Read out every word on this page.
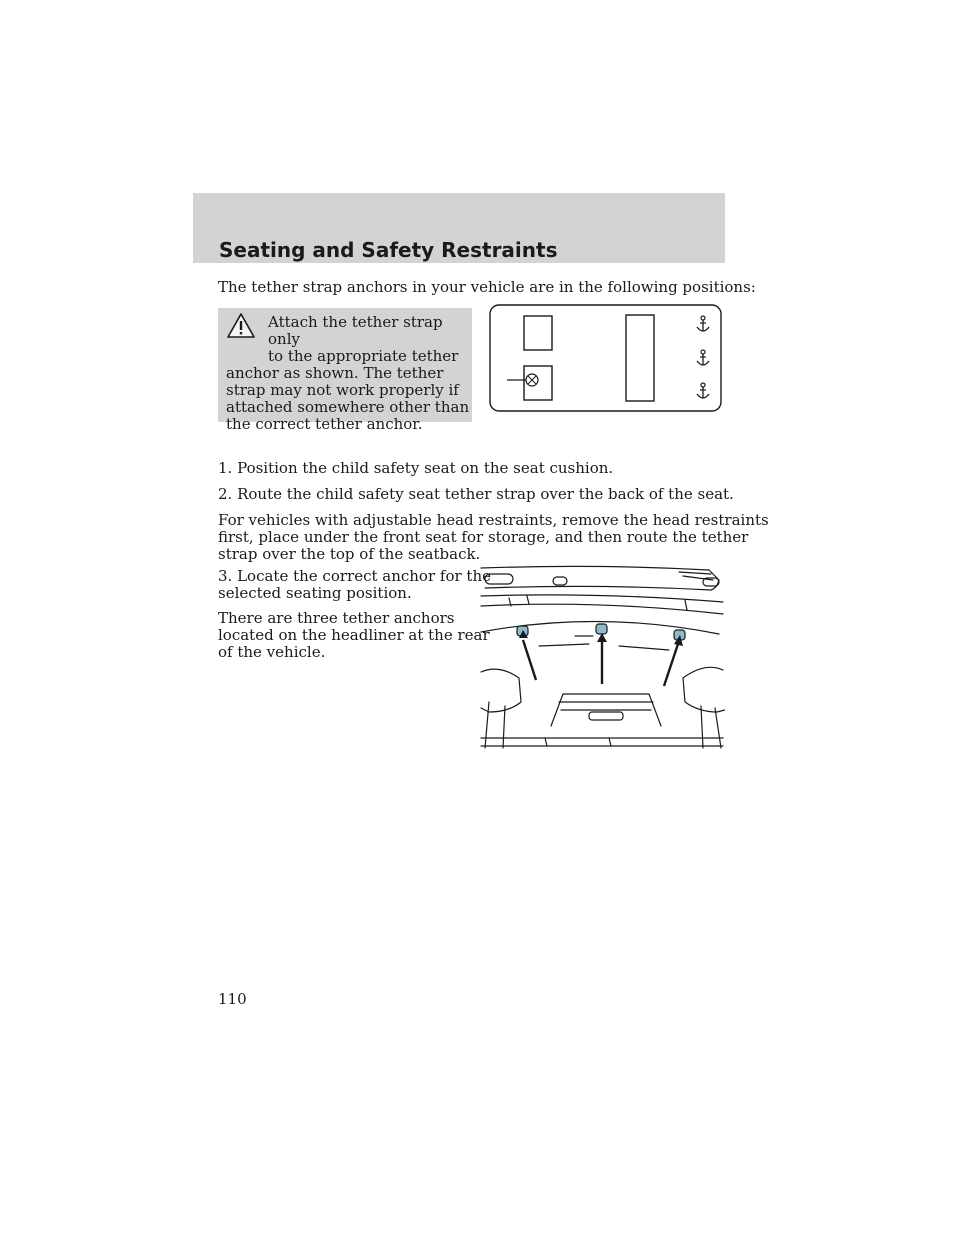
Seating and Safety Restraints

The tether strap anchors in your vehicle are in the following positions:

Attach the tether strap only
to the appropriate tether
anchor as shown. The tether strap may not work properly if attached somewhere other than the correct tether anchor.

1. Position the child safety seat on the seat cushion.

2. Route the child safety seat tether strap over the back of the seat.

For vehicles with adjustable head restraints, remove the head restraints

first, place under the front seat for storage, and then route the tether

strap over the top of the seatback.

3. Locate the correct anchor for the

selected seating position.

There are three tether anchors

located on the headliner at the rear

of the vehicle.

110
